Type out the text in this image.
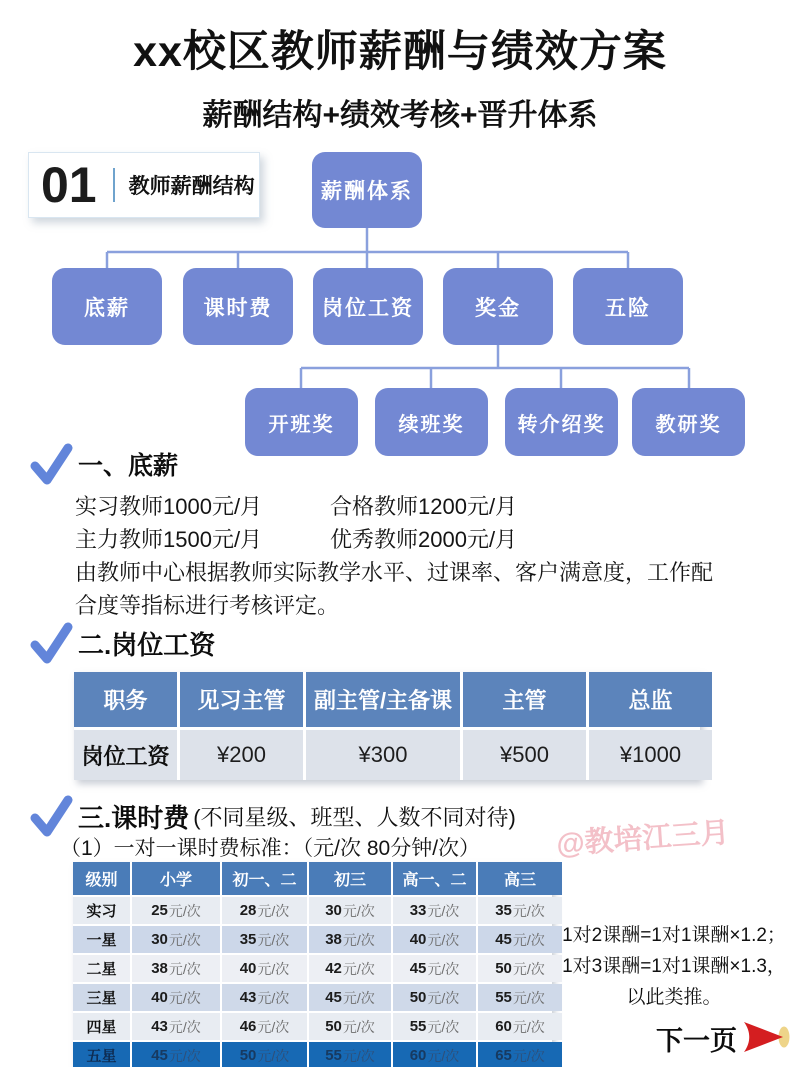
xx校区教师薪酬与绩效方案
薪酬结构+绩效考核+晋升体系
01 教师薪酬结构	薪酬体系
底薪	课时费	岗位工资	奖金	五险
开班奖	续班奖	转介绍奖	教研奖
一、底薪
实习教师1000元/月	合格教师1200元/月
主力教师1500元/月	优秀教师2000元/月
由教师中心根据教师实际教学水平、过课率、客户满意度，工作配合度等指标进行考核评定。
二.岗位工资
职务	见习主管	副主管/主备课	主管	总监
岗位工资	¥200	¥300	¥500	¥1000
三.课时费 (不同星级、班型、人数不同对待)
（1）一对一课时费标准：（元/次 80分钟/次）	@教培江三月
级别	小学	初一、二	初三	高一、二	高三
实习	25 元/次	28 元/次 30 元/次 33 元/次 35 元/次
一星	30 元/次	35 元/次 38 元/次 40 元/次 45 元/次
二星	38 元/次	40 元/次 42 元/次 45 元/次 50 元/次
三星	40 元/次	43 元/次 45 元/次 50 元/次 55 元/次
四星	43 元/次	46 元/次 50 元/次 55 元/次 60 元/次
五星	45 元/次	50 元/次 55 元/次 60 元/次 65 元/次
1对2课酬=1对1课酬×1.2；
1对3课酬=1对1课酬×1.3，
以此类推。
下一页
